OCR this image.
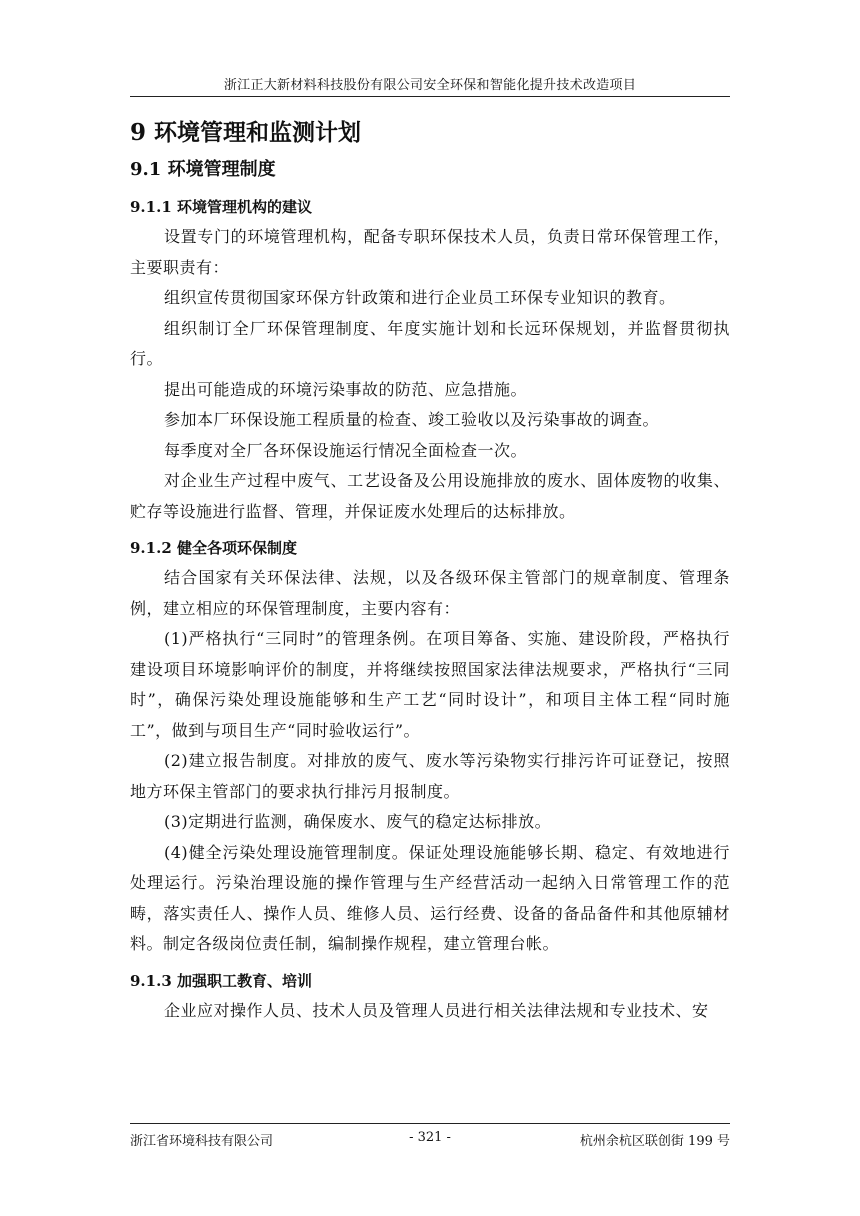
浙江正大新材料科技股份有限公司安全环保和智能化提升技术改造项目
9 环境管理和监测计划
9.1 环境管理制度
9.1.1 环境管理机构的建议

设置专门的环境管理机构，配备专职环保技术人员，负责日常环保管理工作，主要职责有：

组织宣传贯彻国家环保方针政策和进行企业员工环保专业知识的教育。

组织制订全厂环保管理制度、年度实施计划和长远环保规划，并监督贯彻执行。

提出可能造成的环境污染事故的防范、应急措施。

参加本厂环保设施工程质量的检查、竣工验收以及污染事故的调查。

每季度对全厂各环保设施运行情况全面检查一次。

对企业生产过程中废气、工艺设备及公用设施排放的废水、固体废物的收集、贮存等设施进行监督、管理，并保证废水处理后的达标排放。

9.1.2 健全各项环保制度

结合国家有关环保法律、法规，以及各级环保主管部门的规章制度、管理条例，建立相应的环保管理制度，主要内容有：

(1)严格执行“三同时”的管理条例。在项目筹备、实施、建设阶段，严格执行建设项目环境影响评价的制度，并将继续按照国家法律法规要求，严格执行“三同时”，确保污染处理设施能够和生产工艺“同时设计”，和项目主体工程“同时施工”，做到与项目生产“同时验收运行”。

(2)建立报告制度。对排放的废气、废水等污染物实行排污许可证登记，按照地方环保主管部门的要求执行排污月报制度。

(3)定期进行监测，确保废水、废气的稳定达标排放。

(4)健全污染处理设施管理制度。保证处理设施能够长期、稳定、有效地进行处理运行。污染治理设施的操作管理与生产经营活动一起纳入日常管理工作的范畴，落实责任人、操作人员、维修人员、运行经费、设备的备品备件和其他原辅材料。制定各级岗位责任制，编制操作规程，建立管理台帐。

9.1.3 加强职工教育、培训

企业应对操作人员、技术人员及管理人员进行相关法律法规和专业技术、安

浙江省环境科技有限公司	- 321 -	杭州余杭区联创街 199 号
